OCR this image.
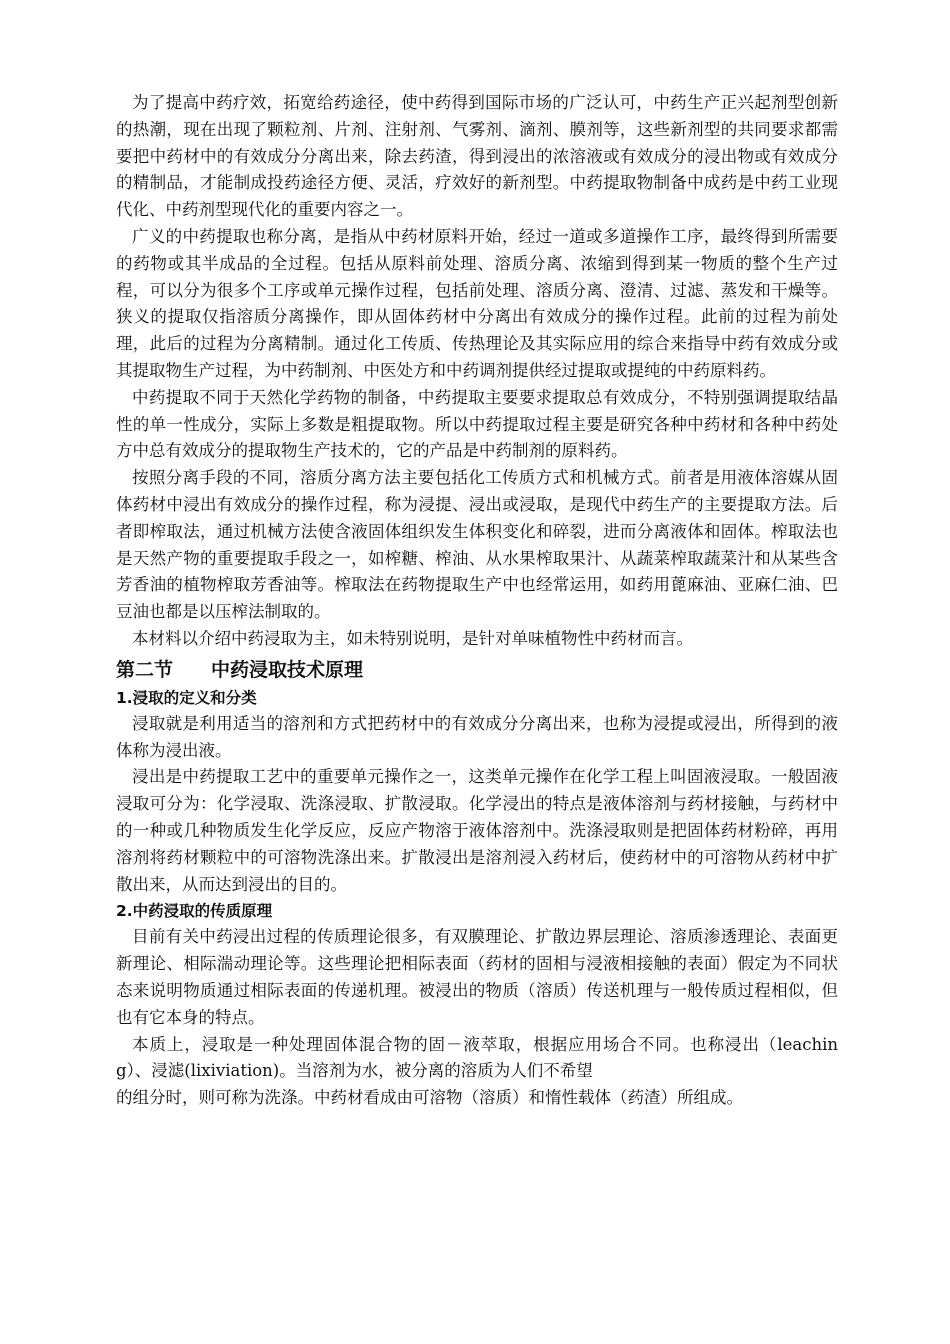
为了提高中药疗效，拓宽给药途径，使中药得到国际市场的广泛认可，中药生产正兴起剂型创新的热潮，现在出现了颗粒剂、片剂、注射剂、气雾剂、滴剂、膜剂等，这些新剂型的共同要求都需要把中药材中的有效成分分离出来，除去药渣，得到浸出的浓溶液或有效成分的浸出物或有效成分的精制品，才能制成投药途径方便、灵活，疗效好的新剂型。中药提取物制备中成药是中药工业现代化、中药剂型现代化的重要内容之一。

广义的中药提取也称分离，是指从中药材原料开始，经过一道或多道操作工序，最终得到所需要的药物或其半成品的全过程。包括从原料前处理、溶质分离、浓缩到得到某一物质的整个生产过程，可以分为很多个工序或单元操作过程，包括前处理、溶质分离、澄清、过滤、蒸发和干燥等。狭义的提取仅指溶质分离操作，即从固体药材中分离出有效成分的操作过程。此前的过程为前处理，此后的过程为分离精制。通过化工传质、传热理论及其实际应用的综合来指导中药有效成分或其提取物生产过程，为中药制剂、中医处方和中药调剂提供经过提取或提纯的中药原料药。

中药提取不同于天然化学药物的制备，中药提取主要要求提取总有效成分，不特别强调提取结晶性的单一性成分，实际上多数是粗提取物。所以中药提取过程主要是研究各种中药材和各种中药处方中总有效成分的提取物生产技术的，它的产品是中药制剂的原料药。

按照分离手段的不同，溶质分离方法主要包括化工传质方式和机械方式。前者是用液体溶媒从固体药材中浸出有效成分的操作过程，称为浸提、浸出或浸取，是现代中药生产的主要提取方法。后者即榨取法，通过机械方法使含液固体组织发生体积变化和碎裂，进而分离液体和固体。榨取法也是天然产物的重要提取手段之一，如榨糖、榨油、从水果榨取果汁、从蔬菜榨取蔬菜汁和从某些含芳香油的植物榨取芳香油等。榨取法在药物提取生产中也经常运用，如药用蓖麻油、亚麻仁油、巴豆油也都是以压榨法制取的。

本材料以介绍中药浸取为主，如未特别说明，是针对单味植物性中药材而言。

第二节 中药浸取技术原理
1.浸取的定义和分类

浸取就是利用适当的溶剂和方式把药材中的有效成分分离出来，也称为浸提或浸出，所得到的液体称为浸出液。

浸出是中药提取工艺中的重要单元操作之一，这类单元操作在化学工程上叫固液浸取。一般固液浸取可分为：化学浸取、洗涤浸取、扩散浸取。化学浸出的特点是液体溶剂与药材接触，与药材中的一种或几种物质发生化学反应，反应产物溶于液体溶剂中。洗涤浸取则是把固体药材粉碎，再用溶剂将药材颗粒中的可溶物洗涤出来。扩散浸出是溶剂浸入药材后，使药材中的可溶物从药材中扩散出来，从而达到浸出的目的。

2.中药浸取的传质原理

目前有关中药浸出过程的传质理论很多，有双膜理论、扩散边界层理论、溶质渗透理论、表面更新理论、相际湍动理论等。这些理论把相际表面（药材的固相与浸液相接触的表面）假定为不同状态来说明物质通过相际表面的传递机理。被浸出的物质（溶质）传送机理与一般传质过程相似，但也有它本身的特点。

本质上，浸取是一种处理固体混合物的固－液萃取，根据应用场合不同。也称浸出（leaching）、浸滤(lixiviation)。当溶剂为水，被分离的溶质为人们不希望
的组分时，则可称为洗涤。中药材看成由可溶物（溶质）和惰性载体（药渣）所组成。
